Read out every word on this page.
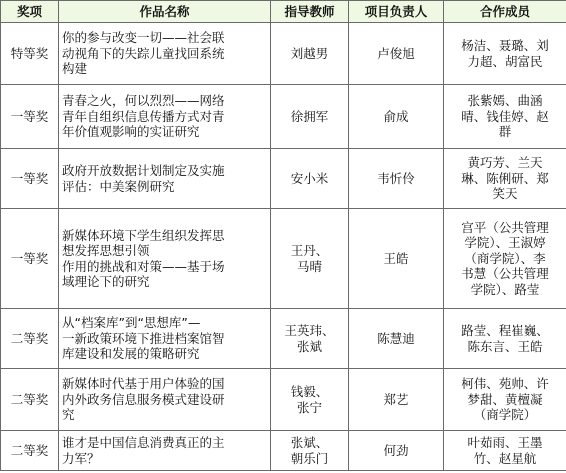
奖项	作品名称	指导教师	项目负责人	合作成员
特等奖	你的参与改变一切——社会联
动视角下的失踪儿童找回系统
构建	刘越男	卢俊旭	杨洁、聂璐、刘
力超、胡富民
一等奖	青春之火，何以烈烈——网络
青年自组织信息传播方式对青
年价值观影响的实证研究	徐拥军	俞成	张紫嫣、曲涵
晴、钱佳婷、赵
群
一等奖	政府开放数据计划制定及实施
评估：中美案例研究	安小米	韦忻伶	黄巧芳、兰天
琳、陈俐研、郑
笑天
一等奖	新媒体环境下学生组织发挥思
想发挥思想引领
作用的挑战和对策——基于场
域理论下的研究	王丹、
马晴	王皓	宫平（公共管理
学院）、王淑婷
（商学院）、李
书慧（公共管理
学院）、路莹
二等奖	从“档案库”到“思想库”—
一新政策环境下推进档案馆智
库建设和发展的策略研究	王英玮、
张斌	陈慧迪	路莹、程崔巍、
陈东言、王皓
二等奖	新媒体时代基于用户体验的国
内外政务信息服务模式建设研
究	钱毅、
张宁	郑艺	柯伟、苑帅、许
梦甜、黄檀凝
（商学院）
二等奖	谁才是中国信息消费真正的主
力军？	张斌、
朝乐门	何劲	叶茹雨、王墨
竹、赵星航
